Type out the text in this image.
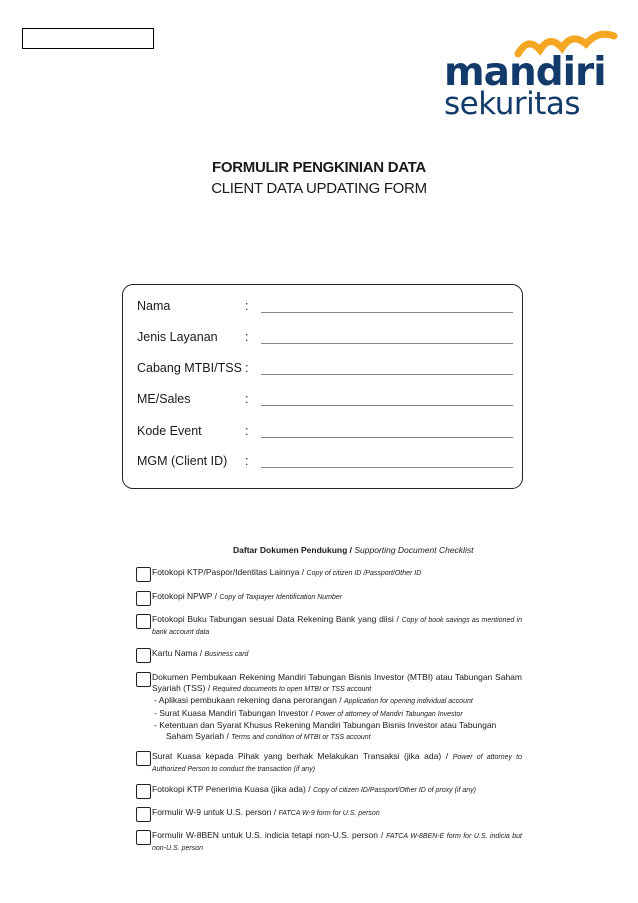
mandiri
sekuritas
FORMULIR PENGKINIAN DATA
CLIENT DATA UPDATING FORM
Nama	:
Jenis Layanan :
Cabang MTBI/TSS :
ME/Sales	:
Kode Event	:
MGM (Client ID) :
Daftar Dokumen Pendukung / Supporting Document Checklist
Fotokopi KTP/Paspor/Identitas Lainnya / Copy of citizen ID /Passport/Other ID
Fotokopi NPWP / Copy of Taxpayer Identification Number
Fotokopi Buku Tabungan sesuai Data Rekening Bank yang diisi / Copy of book savings as mentioned in bank account data
Kartu Nama / Business card
Dokumen Pembukaan Rekening Mandiri Tabungan Bisnis Investor (MTBI) atau Tabungan Saham Syariah (TSS) / Required documents to open MTBI or TSS account
- Aplikasi pembukaan rekening dana perorangan / Application for opening individual account
- Surat Kuasa Mandiri Tabungan Investor / Power of attorney of Mandiri Tabungan Investor
- Ketentuan dan Syarat Khusus Rekening Mandiri Tabungan Bisnis Investor atau Tabungan
Saham Syariah / Terms and condition of MTBI or TSS account
Surat Kuasa kepada Pihak yang berhak Melakukan Transaksi (jika ada) / Power of attorney to Authorized Person to conduct the transaction (if any)
Fotokopi KTP Penerima Kuasa (jika ada) / Copy of citizen ID/Passport/Other ID of proxy (if any)
Formulir W-9 untuk U.S. person / FATCA W-9 form for U.S. person
Formulir W-8BEN untuk U.S. indicia tetapi non-U.S. person / FATCA W-8BEN-E form for U.S. indicia but non-U.S. person
